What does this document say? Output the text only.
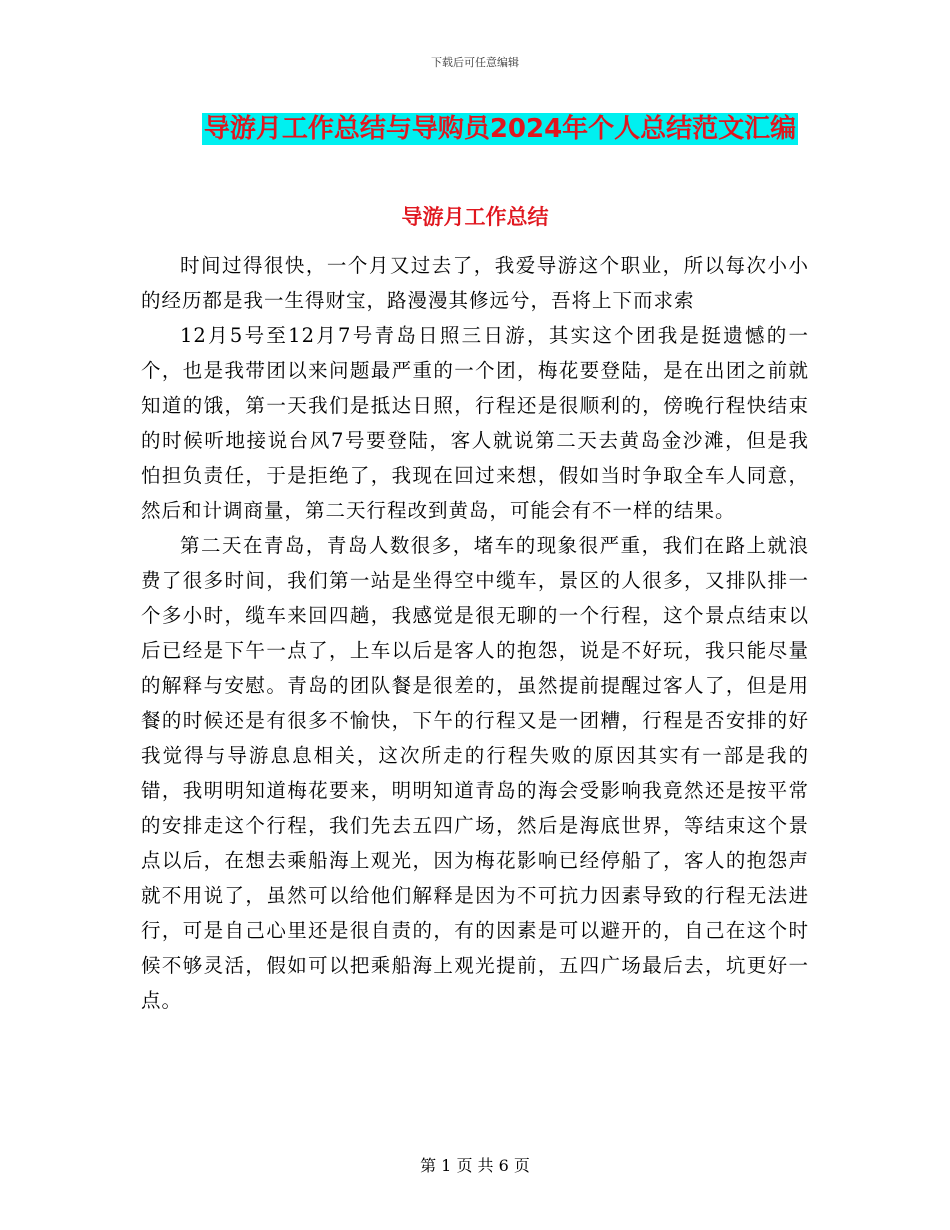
下载后可任意编辑
导游月工作总结与导购员2024年个人总结范文汇编
导游月工作总结

时间过得很快，一个月又过去了，我爱导游这个职业，所以每次小小的经历都是我一生得财宝，路漫漫其修远兮，吾将上下而求索

12月5号至12月7号青岛日照三日游，其实这个团我是挺遗憾的一个，也是我带团以来问题最严重的一个团，梅花要登陆，是在出团之前就知道的饿，第一天我们是抵达日照，行程还是很顺利的，傍晚行程快结束的时候听地接说台风7号要登陆，客人就说第二天去黄岛金沙滩，但是我怕担负责任，于是拒绝了，我现在回过来想，假如当时争取全车人同意，然后和计调商量，第二天行程改到黄岛，可能会有不一样的结果。

第二天在青岛，青岛人数很多，堵车的现象很严重，我们在路上就浪费了很多时间，我们第一站是坐得空中缆车，景区的人很多，又排队排一个多小时，缆车来回四趟，我感觉是很无聊的一个行程，这个景点结束以后已经是下午一点了，上车以后是客人的抱怨，说是不好玩，我只能尽量的解释与安慰。青岛的团队餐是很差的，虽然提前提醒过客人了，但是用餐的时候还是有很多不愉快，下午的行程又是一团糟，行程是否安排的好我觉得与导游息息相关，这次所走的行程失败的原因其实有一部是我的错，我明明知道梅花要来，明明知道青岛的海会受影响我竟然还是按平常的安排走这个行程，我们先去五四广场，然后是海底世界，等结束这个景点以后，在想去乘船海上观光，因为梅花影响已经停船了，客人的抱怨声就不用说了，虽然可以给他们解释是因为不可抗力因素导致的行程无法进行，可是自己心里还是很自责的，有的因素是可以避开的，自己在这个时候不够灵活，假如可以把乘船海上观光提前，五四广场最后去，坑更好一点。

第 1 页 共 6 页
